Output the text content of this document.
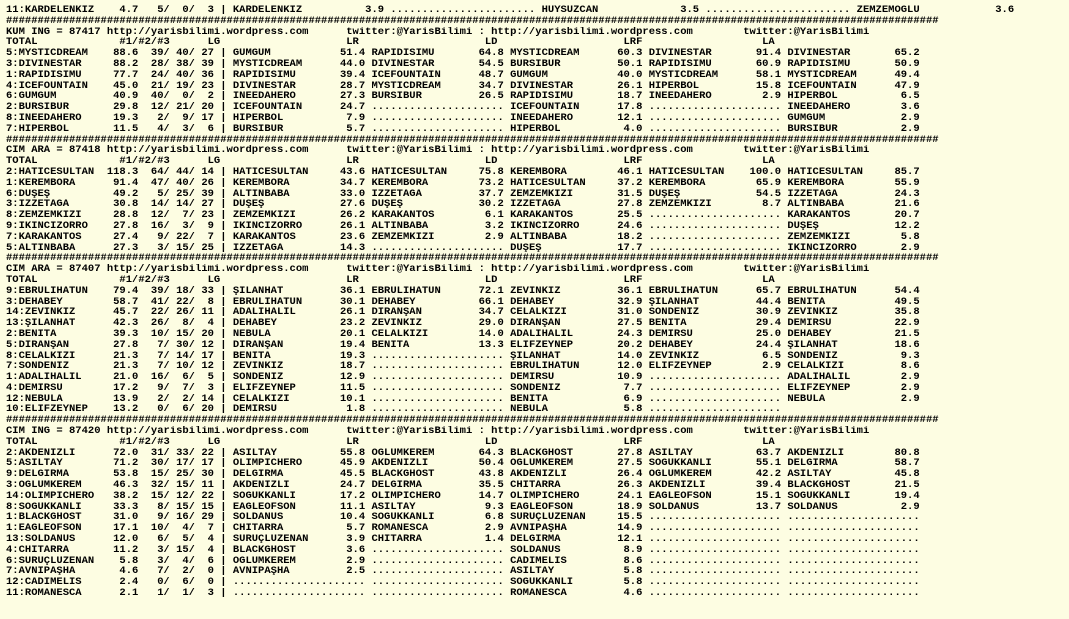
11:KARDELENKIZ    4.7   5/  0/  3 | KARDELENKIZ          3.9 ....................... HUYSUZCAN             3.5 ....................... ZEMZEMOĞLU            3.6
####################################################################################################################################################
KUM ING = 87417 http://yarisbilimi.wordpress.com      twitter:@YarisBilimi : http://yarisbilimi.wordpress.com        twitter:@YarisBilimi
TOTAL             #1/#2/#3      LG                    LR                    LD                    LRF                   LA
5:MYSTICDREAM    88.6  39/ 40/ 27 | GÜMGÜM           51.4 RAPİDİSİMU       64.8 MYSTICDREAM      60.3 DIVINESTAR       91.4 DIVINESTAR       65.2
3:DIVINESTAR     88.2  28/ 38/ 39 | MYSTICDREAM      44.0 DIVINESTAR       54.5 BURSIBUR         50.1 RAPİDİSİMU       60.9 RAPİDİSİMU       50.9
1:RAPİDİSİMU     77.7  24/ 40/ 36 | RAPİDİSİMU       39.4 ICEFOUNTAIN      48.7 GÜMGÜM           40.0 MYSTICDREAM      58.1 MYSTICDREAM      49.4
4:ICEFOUNTAIN    45.0  21/ 19/ 23 | DIVINESTAR       28.7 MYSTICDREAM      34.7 DIVINESTAR       26.1 HİPERBOL         15.8 ICEFOUNTAIN      47.9
6:GÜMGÜM         40.9  40/  0/  2 | INEEDAHERO       27.3 BURSIBUR         26.5 RAPİDİSİMU       18.7 INEEDAHERO        2.9 HİPERBOL          6.5
2:BURSIBUR       29.8  12/ 21/ 20 | ICEFOUNTAIN      24.7 ..................... ICEFOUNTAIN      17.8 ..................... INEEDAHERO        3.6
8:INEEDAHERO     19.3   2/  9/ 17 | HİPERBOL          7.9 ..................... INEEDAHERO       12.1 ..................... GÜMGÜM            2.9
7:HİPERBOL       11.5   4/  3/  6 | BURSIBUR          5.7 ..................... HİPERBOL          4.0 ..................... BURSIBUR          2.9
####################################################################################################################################################
CIM ARA = 87418 http://yarisbilimi.wordpress.com      twitter:@YarisBilimi : http://yarisbilimi.wordpress.com        twitter:@YarisBilimi
TOTAL             #1/#2/#3      LG                    LR                    LD                    LRF                   LA
2:HATİCESULTAN  118.3  64/ 44/ 14 | HATİCESULTAN     43.6 HATİCESULTAN     75.8 KEREMBORA        46.1 HATİCESULTAN    100.0 HATİCESULTAN     85.7
1:KEREMBORA      91.4  47/ 40/ 26 | KEREMBORA        34.7 KEREMBORA        73.2 HATİCESULTAN     37.2 KEREMBORA        65.9 KEREMBORA        55.9
6:DÜŞEŞ          49.2   5/ 25/ 39 | ALTINBABA        33.0 İZZETAĞA         37.7 ZEMZEMKIZI       31.5 DÜŞEŞ            54.5 İZZETAĞA         24.3
3:İZZETAĞA       30.8  14/ 14/ 27 | DÜŞEŞ            27.6 DÜŞEŞ            30.2 İZZETAĞA         27.8 ZEMZEMKIZI        8.7 ALTINBABA        21.6
8:ZEMZEMKIZI     28.8  12/  7/ 23 | ZEMZEMKIZI       26.2 KARAKANTOS        6.1 KARAKANTOS       25.5 ..................... KARAKANTOS       20.7
9:İKİNCİZORRO    27.8  16/  3/  9 | İKİNCİZORRO      26.1 ALTINBABA         3.2 İKİNCİZORRO      24.6 ..................... DÜŞEŞ            12.2
7:KARAKANTOS     27.4   9/ 22/  7 | KARAKANTOS       23.6 ZEMZEMKIZI        2.9 ALTINBABA        18.2 ..................... ZEMZEMKIZI        5.8
5:ALTINBABA      27.3   3/ 15/ 25 | İZZETAĞA         14.3 ..................... DÜŞEŞ            17.7 ..................... İKİNCİZORRO       2.9
####################################################################################################################################################
CIM ARA = 87407 http://yarisbilimi.wordpress.com      twitter:@YarisBilimi : http://yarisbilimi.wordpress.com        twitter:@YarisBilimi
TOTAL             #1/#2/#3      LG                    LR                    LD                    LRF                   LA
9:EBRULİHATUN    79.4  39/ 18/ 33 | ŞILANHAT         36.1 EBRULİHATUN      72.1 ZEVİNKIZ         36.1 EBRULİHATUN      65.7 EBRULİHATUN      54.4
3:DEHABEY        58.7  41/ 22/  8 | EBRULİHATUN      30.1 DEHABEY          66.1 DEHABEY          32.9 ŞILANHAT         44.4 BENİTA           49.5
14:ZEVİNKIZ      45.7  22/ 26/ 11 | ADALIHALİL       26.1 DİRANŞAN         34.7 CELALKIZI        31.0 SONDENİZ         30.9 ZEVİNKIZ         35.8
13:ŞILANHAT      42.3  26/  8/  4 | DEHABEY          23.2 ZEVİNKIZ         29.0 DİRANŞAN         27.5 BENİTA           29.4 DEMİRSU          22.9
2:BENİTA         39.3  10/ 15/ 20 | NEBULA           20.1 CELALKIZI        14.0 ADALIHALİL       24.3 DEMİRSU          25.0 DEHABEY          21.5
5:DİRANŞAN       27.8   7/ 30/ 12 | DİRANŞAN         19.4 BENİTA           13.3 ELİFZEYNEP       20.2 DEHABEY          24.4 ŞILANHAT         18.6
8:CELALKIZI      21.3   7/ 14/ 17 | BENİTA           19.3 ..................... ŞILANHAT         14.0 ZEVİNKIZ          6.5 SONDENİZ          9.3
7:SONDENİZ       21.3   7/ 10/ 12 | ZEVİNKIZ         18.7 ..................... EBRULİHATUN      12.0 ELİFZEYNEP        2.9 CELALKIZI         8.6
1:ADALIHALİL     21.0  16/  6/  5 | SONDENİZ         12.9 ..................... DEMİRSU          10.9 ..................... ADALIHALİL        2.9
4:DEMİRSU        17.2   9/  7/  3 | ELİFZEYNEP       11.5 ..................... SONDENİZ          7.7 ..................... ELİFZEYNEP        2.9
12:NEBULA        13.9   2/  2/ 14 | CELALKIZI        10.1 ..................... BENİTA            6.9 ..................... NEBULA            2.9
10:ELİFZEYNEP    13.2   0/  6/ 20 | DEMİRSU           1.8 ..................... NEBULA            5.8 .....................
####################################################################################################################################################
CIM ING = 87420 http://yarisbilimi.wordpress.com      twitter:@YarisBilimi : http://yarisbilimi.wordpress.com        twitter:@YarisBilimi
TOTAL             #1/#2/#3      LG                    LR                    LD                    LRF                   LA
2:AKDENİZLİ      72.0  31/ 33/ 22 | ASİLTAY          55.8 OĞLUMKEREM       64.3 BLACKGHOST       27.8 ASİLTAY          63.7 AKDENİZLİ        80.8
5:ASİLTAY        71.2  30/ 17/ 17 | OLIMPICHERO      45.9 AKDENİZLİ        50.4 OĞLUMKEREM       27.5 SOĞUKKANLI       55.1 DELGİRMA         58.7
9:DELGİRMA       53.8  15/ 25/ 30 | DELGİRMA         45.5 BLACKGHOST       43.8 AKDENİZLİ        26.4 OĞLUMKEREM       42.2 ASİLTAY          45.8
3:OĞLUMKEREM     46.3  32/ 15/ 11 | AKDENİZLİ        24.7 DELGİRMA         35.5 CHITARRA         26.3 AKDENİZLİ        39.4 BLACKGHOST       21.5
14:OLIMPICHERO   38.2  15/ 12/ 22 | SOĞUKKANLI       17.2 OLIMPICHERO      14.7 OLIMPICHERO      24.1 EAGLEOFSON       15.1 SOĞUKKANLI       19.4
8:SOĞUKKANLI     33.3   8/ 15/ 15 | EAGLEOFSON       11.1 ASİLTAY           9.3 EAGLEOFSON       18.9 SOLDANUS         13.7 SOLDANUS          2.9
1:BLACKGHOST     31.0   9/ 16/ 29 | SOLDANUS         10.4 SOĞUKKANLI        6.8 SURUÇLUZENAN     15.5 ..................... .....................
1:EAGLEOFSON     17.1  10/  4/  7 | CHITARRA          5.7 ROMANESCA         2.9 AVNİPAŞHA        14.9 ..................... .....................
13:SOLDANUS      12.0   6/  5/  4 | SURUÇLUZENAN      3.9 CHITARRA          1.4 DELGİRMA         12.1 ..................... .....................
4:CHITARRA       11.2   3/ 15/  4 | BLACKGHOST        3.6 ..................... SOLDANUS          8.9 ..................... .....................
6:SURUÇLUZENAN    5.8   3/  4/  6 | OĞLUMKEREM        2.9 ..................... CADIMELİS         8.6 ..................... .....................
7:AVNİPAŞHA       4.6   7/  2/  0 | AVNİPAŞHA         2.5 ..................... ASİLTAY           5.8 ..................... .....................
12:CADIMELİS      2.4   0/  6/  0 | ..................... ..................... SOĞUKKANLI        5.8 ..................... .....................
11:ROMANESCA      2.1   1/  1/  3 | ..................... ..................... ROMANESCA         4.6 ..................... .....................
